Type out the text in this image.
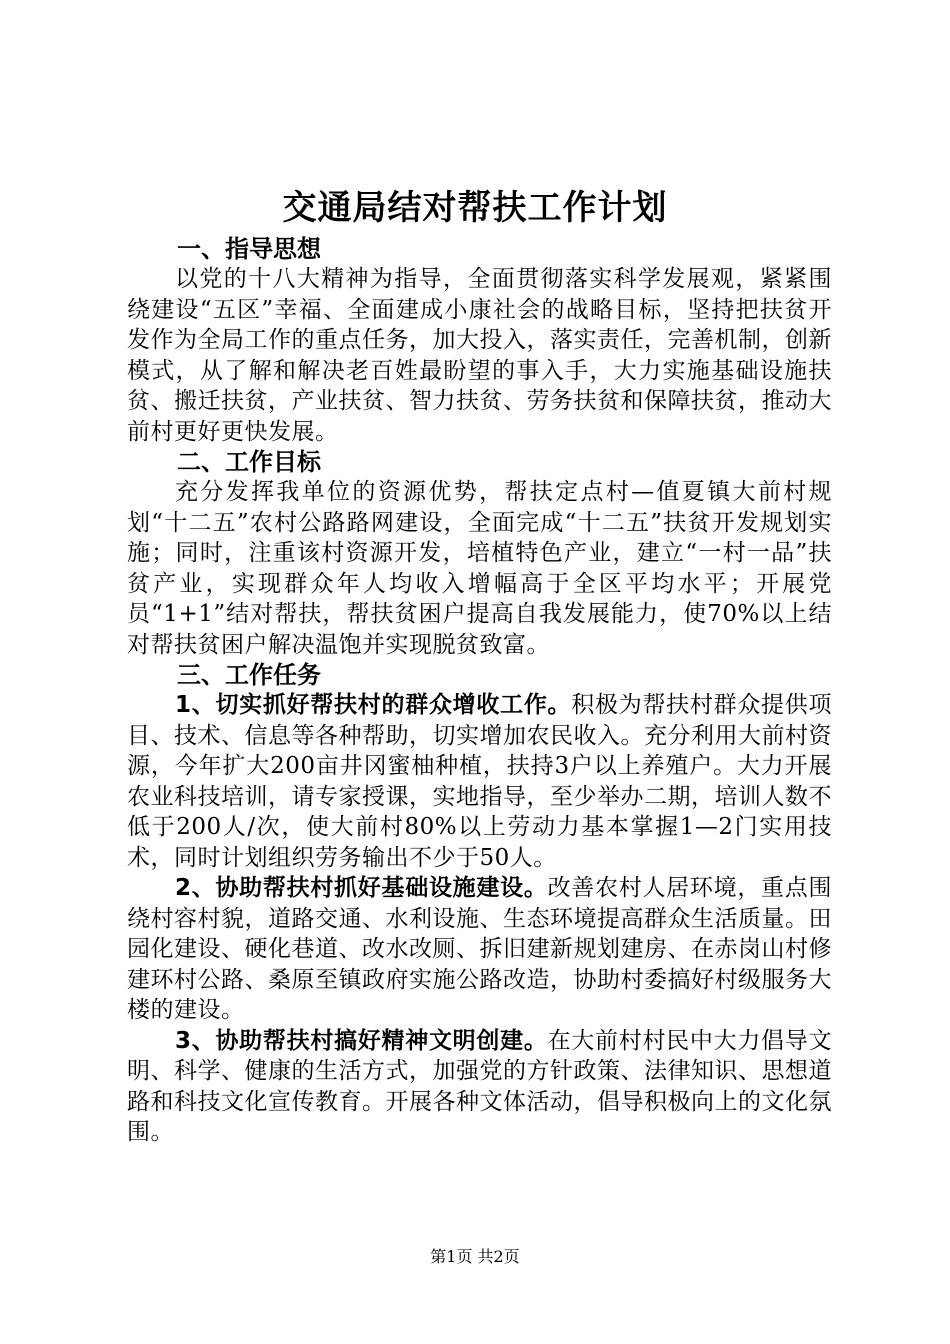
交通局结对帮扶工作计划

一、指导思想

以党的十八大精神为指导，全面贯彻落实科学发展观，紧紧围绕建设“五区”幸福、全面建成小康社会的战略目标，坚持把扶贫开发作为全局工作的重点任务，加大投入，落实责任，完善机制，创新模式，从了解和解决老百姓最盼望的事入手，大力实施基础设施扶贫、搬迁扶贫，产业扶贫、智力扶贫、劳务扶贫和保障扶贫，推动大前村更好更快发展。

二、工作目标

充分发挥我单位的资源优势，帮扶定点村—值夏镇大前村规划“十二五”农村公路路网建设，全面完成“十二五”扶贫开发规划实施；同时，注重该村资源开发，培植特色产业，建立“一村一品”扶贫产业，实现群众年人均收入增幅高于全区平均水平；开展党员“1+1”结对帮扶，帮扶贫困户提高自我发展能力，使70%以上结对帮扶贫困户解决温饱并实现脱贫致富。

三、工作任务

1、切实抓好帮扶村的群众增收工作。积极为帮扶村群众提供项目、技术、信息等各种帮助，切实增加农民收入。充分利用大前村资源，今年扩大200亩井冈蜜柚种植，扶持3户以上养殖户。大力开展农业科技培训，请专家授课，实地指导，至少举办二期，培训人数不低于200人/次，使大前村80%以上劳动力基本掌握1—2门实用技术，同时计划组织劳务输出不少于50人。

2、协助帮扶村抓好基础设施建设。改善农村人居环境，重点围绕村容村貌，道路交通、水利设施、生态环境提高群众生活质量。田园化建设、硬化巷道、改水改厕、拆旧建新规划建房、在赤岗山村修建环村公路、桑原至镇政府实施公路改造，协助村委搞好村级服务大楼的建设。

3、协助帮扶村搞好精神文明创建。在大前村村民中大力倡导文明、科学、健康的生活方式，加强党的方针政策、法律知识、思想道路和科技文化宣传教育。开展各种文体活动，倡导积极向上的文化氛围。

第1页 共2页
